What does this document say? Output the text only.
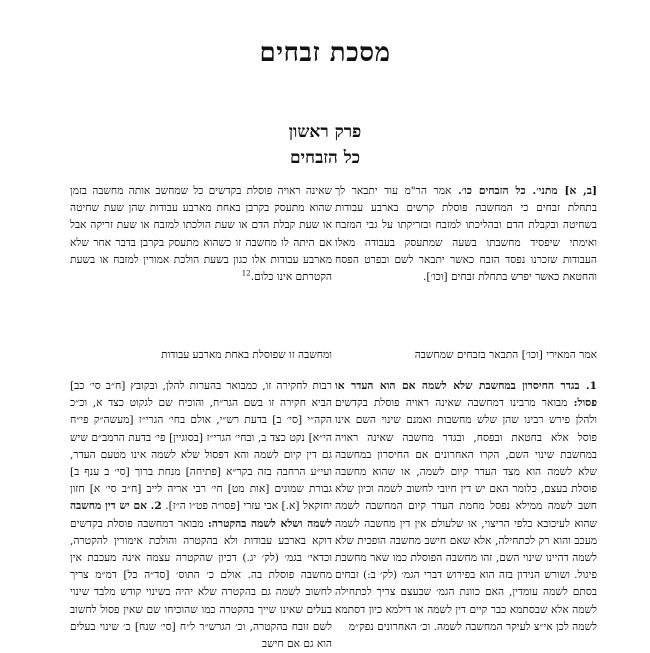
מסכת זבחים
פרק ראשון
כל הזבחים

[ב, א] מתני׳. כל הזבחים כו׳. אמר הר"מ עוד יתבאר לך בתחלת זבחים כי המחשבה פוסלת קרשים בארבע עבודות בשחיטה ובקבלת הדם ובהליכתו למזבח ובזריקתו על גבי המזבח ואימתי שיפסיד מחשבתו בשעה שמתעסק בעבודה מאלו העבודות שזכרנו נפסד הזבח כאשר יתבאר לשם ובפרט הפסח והחטאת כאשר יפרש בתחלת זבחים [וכו׳].

שאינה ראויה פוסלת בקדשים כל שמחשב אותה מחשבה בזמן שהוא מתעסק בקרבן באחת מארבע עבודות שהן שעת שחיטה או שעת קבלת הדם או שעת הולכתו למזבח או שעת זריקה אבל אם היתה לו מחשבה זו כשהוא מתעסק בקרבן בדבר אחר שלא מארבע עבודות אלו כגון בשעת הולכת אמורין למזבח או בשעת הקטרתם אינו כלום.$^{12}$

אמר המאירי [וכו׳] התבאר בזבחים שמחשבה
ומחשבה זו שפוסלת באחת מארבע עבודות

1. בגדר החיסרון במחשבת שלא לשמה אם הוא העדר או פסול: מבואר מרבינו דמחשבה שאינה ראויה פוסלת בקדשים ולהלן פירש רבינו שהן שלש מחשבות ואמנם שינוי השם אינו פוסל אלא בחטאת ובפסח, ובגדר מחשבה שאינה ראויה במחשבת שינוי השם, הקרו האחרונים אם החיסרון במחשבה שלא לשמה הוא מצד העדר קיום לשמה, או שהוא מחשבה פוסלת בעצם, כלומר האם יש דין חיובי לחשוב לשמה וכיון שלא חשב לשמה ממילא נפסל מחמת העדר קיום המחשבה לשמה שהוא לעיכובא כלפי הריצוי, או שלעולם אין דין מחשבה לשמה מעכב והוא רק לכתחילה, אלא שאם חישב מחשבה הופכית שלא לשמה דהיינו שינוי השם, זהו מחשבה הפוסלת כמו שאר מחשבת פיגול. ושורש הנידון בזה הוא בפירוש דברי הגמ׳ (לק׳ ב:) זבחים בסתם לשמה עומדין, האם כוונת הגמ׳ שבעצם צריך לכתחילה לשמה אלא שבסתמא כבר קיים דין לשמה או דילמא כיון דסתמא לשמה לכן אי״צ לעיקר המחשבה לשמה. וכ׳ האחרונים נפק״מ

רבות לחקירה זו, כמבואר בהערות להלן, ובקובץ [ח״ב סי׳ כב] הביא חקירה זו בשם הגר״ח, והוכיח שם לגקוט כצד א, וכ״כ הקה״י [סי׳ ב] בדעת רש״י, אולם בחי׳ הגרי״ז [מעשה״ק פי״ח הי״א] נקט כצד ב, ובחי׳ הגרי״ז [בסוגיין] פי׳ בדעת הרמב״ם שיש גם דין קיום לשמה והא דפסול שלא לשמה אינו מטעם העדר, ועי״ע הרחבה בזה בקר״א [פתיחה] מנחת ברוך [סי׳ ב ענף ב] גבורת שמונים [אות מט] חי׳ רבי אריה לייב [ח״ב סי׳ א] חזון יחזקאל [א.] אבי עזרי [פסו״ה פט״ו ה״ז]. 2. אם יש דין מחשבה לשמה ושלא לשמה בהקטרה: מבואר דמחשבה פוסלת בקדשים דוקא בארבע עבודות ולא בהקטרה והולכת אימורין להקטרה, וכדאי׳ בגמ׳ (לק׳ יג.) דכיון שהקטרה עצמה אינה מעכבת אין מחשבה פוסלת בה. אולם כ׳ התוס׳ [סד״ה כל] דמ״מ צריך לחשוב לשמה גם בהקטרה שלא יהיה בשינוי קודש מלבד שינוי בעלים שאינו שייך בהקטרה כמו שהוכיחו שם שאין פסול לחשוב לשם זובח בהקטרה, וכ׳ הגרש״ר ל״ח [סי׳ שנח] כ׳ שינוי בעלים הוא גם אם חישב
